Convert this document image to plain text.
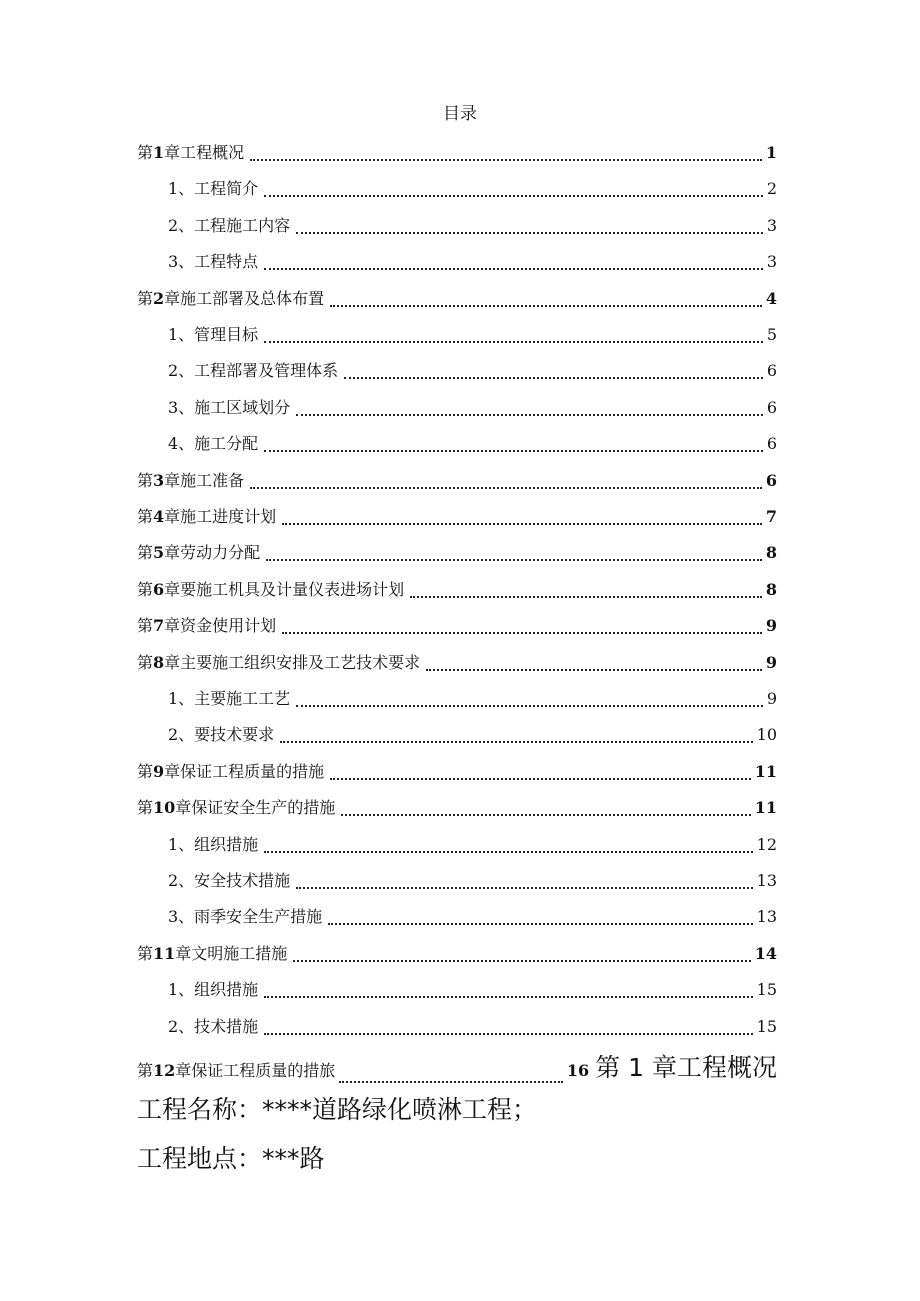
目录
第1章工程概况	1
1、工程简介	2
2、工程施工内容	3
3、工程特点	3
第2章施工部署及总体布置	4
1、管理目标	5
2、工程部署及管理体系	6
3、施工区域划分	6
4、施工分配	6
第3章施工准备	6
第4章施工进度计划	7
第5章劳动力分配	8
第6章要施工机具及计量仪表进场计划	8
第7章资金使用计划	9
第8章主要施工组织安排及工艺技术要求	9
1、主要施工工艺	9
2、要技术要求	10
第9章保证工程质量的措施	11
第10章保证安全生产的措施	11
1、组织措施	12
2、安全技术措施	13
3、雨季安全生产措施	13
第11章文明施工措施	14
1、组织措施	15
2、技术措施	15
第12章保证工程质量的措旅	16 第 1 章工程概况
工程名称：****道路绿化喷淋工程；
工程地点：***路
